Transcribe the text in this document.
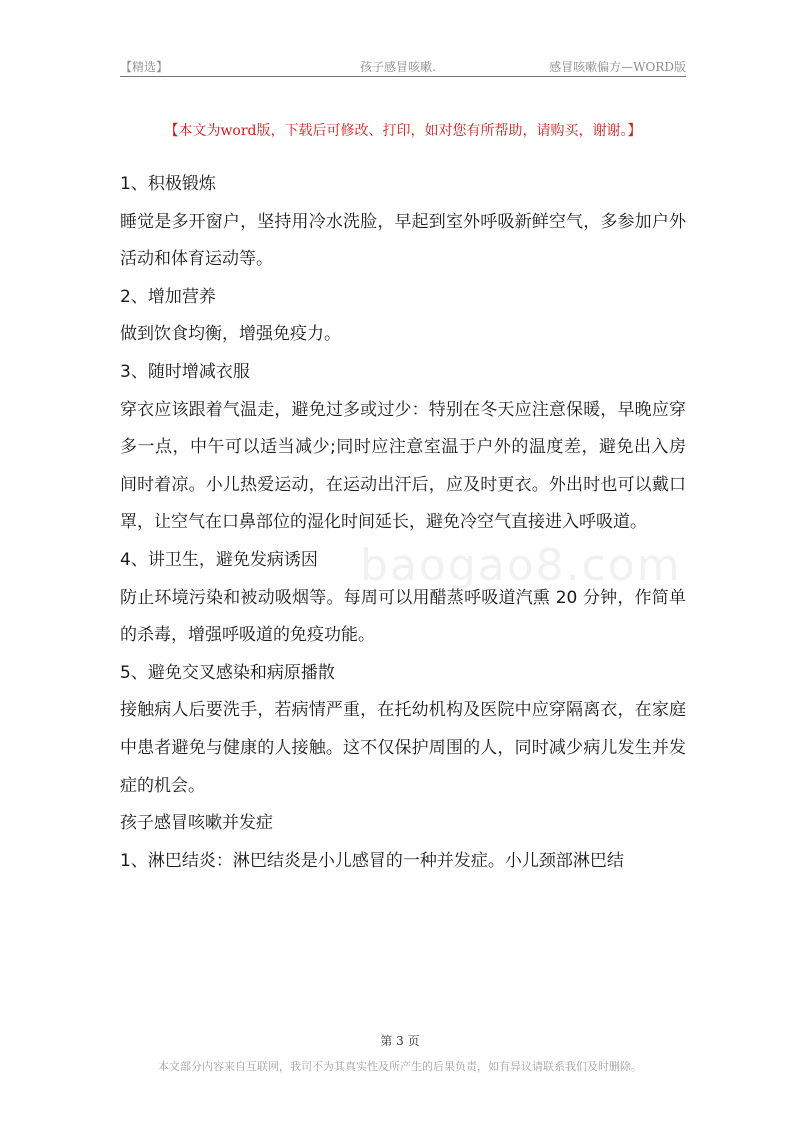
【精选】	孩子感冒咳嗽.	感冒咳嗽偏方—WORD版
【本文为word版，下载后可修改、打印，如对您有所帮助，请购买，谢谢。】
baogao8.com

1、积极锻炼

睡觉是多开窗户，坚持用冷水洗脸，早起到室外呼吸新鲜空气，多参加户外活动和体育运动等。

2、增加营养

做到饮食均衡，增强免疫力。

3、随时增减衣服

穿衣应该跟着气温走，避免过多或过少：特别在冬天应注意保暖，早晚应穿多一点，中午可以适当减少;同时应注意室温于户外的温度差，避免出入房间时着凉。小儿热爱运动，在运动出汗后，应及时更衣。外出时也可以戴口罩，让空气在口鼻部位的湿化时间延长，避免冷空气直接进入呼吸道。

4、讲卫生，避免发病诱因

防止环境污染和被动吸烟等。每周可以用醋蒸呼吸道汽熏 20 分钟，作简单的杀毒，增强呼吸道的免疫功能。

5、避免交叉感染和病原播散

接触病人后要洗手，若病情严重，在托幼机构及医院中应穿隔离衣，在家庭中患者避免与健康的人接触。这不仅保护周围的人，同时减少病儿发生并发症的机会。

孩子感冒咳嗽并发症

1、淋巴结炎：淋巴结炎是小儿感冒的一种并发症。小儿颈部淋巴结

第 3 页
本文部分内容来自互联网，我司不为其真实性及所产生的后果负责，如有异议请联系我们及时删除。
